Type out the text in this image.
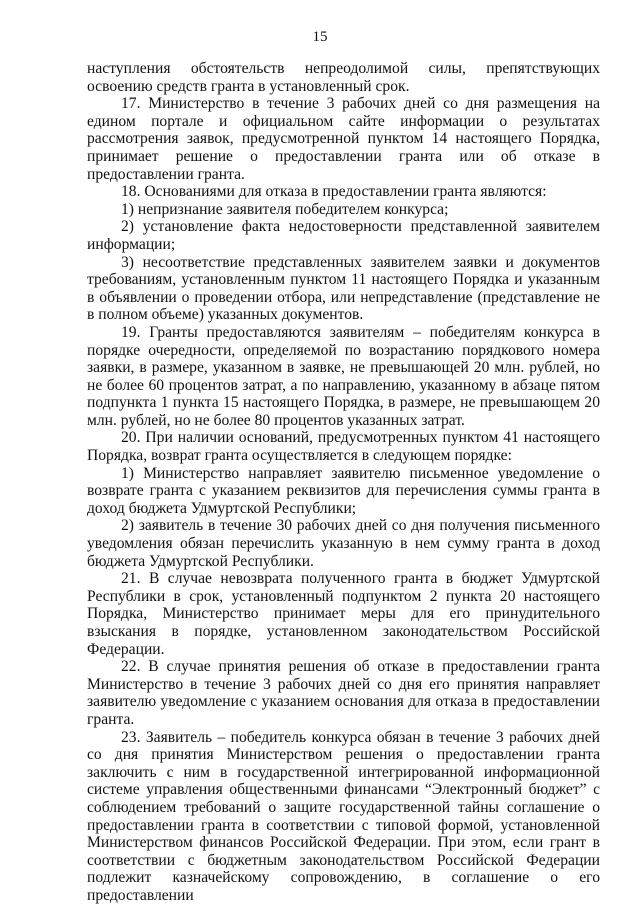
15

наступления обстоятельств непреодолимой силы, препятствующих освоению средств гранта в установленный срок.

17. Министерство в течение 3 рабочих дней со дня размещения на едином портале и официальном сайте информации о результатах рассмотрения заявок, предусмотренной пунктом 14 настоящего Порядка, принимает решение о предоставлении гранта или об отказе в предоставлении гранта.

18. Основаниями для отказа в предоставлении гранта являются:

1) непризнание заявителя победителем конкурса;

2) установление факта недостоверности представленной заявителем информации;

3) несоответствие представленных заявителем заявки и документов требованиям, установленным пунктом 11 настоящего Порядка и указанным в объявлении о проведении отбора, или непредставление (представление не в полном объеме) указанных документов.

19. Гранты предоставляются заявителям – победителям конкурса в порядке очередности, определяемой по возрастанию порядкового номера заявки, в размере, указанном в заявке, не превышающей 20 млн. рублей, но не более 60 процентов затрат, а по направлению, указанному в абзаце пятом подпункта 1 пункта 15 настоящего Порядка, в размере, не превышающем 20 млн. рублей, но не более 80 процентов указанных затрат.

20. При наличии оснований, предусмотренных пунктом 41 настоящего Порядка, возврат гранта осуществляется в следующем порядке:

1) Министерство направляет заявителю письменное уведомление о возврате гранта с указанием реквизитов для перечисления суммы гранта в доход бюджета Удмуртской Республики;

2) заявитель в течение 30 рабочих дней со дня получения письменного уведомления обязан перечислить указанную в нем сумму гранта в доход бюджета Удмуртской Республики.

21. В случае невозврата полученного гранта в бюджет Удмуртской Республики в срок, установленный подпунктом 2 пункта 20 настоящего Порядка, Министерство принимает меры для его принудительного взыскания в порядке, установленном законодательством Российской Федерации.

22. В случае принятия решения об отказе в предоставлении гранта Министерство в течение 3 рабочих дней со дня его принятия направляет заявителю уведомление с указанием основания для отказа в предоставлении гранта.

23. Заявитель – победитель конкурса обязан в течение 3 рабочих дней со дня принятия Министерством решения о предоставлении гранта заключить с ним в государственной интегрированной информационной системе управления общественными финансами “Электронный бюджет” с соблюдением требований о защите государственной тайны соглашение о предоставлении гранта в соответствии с типовой формой, установленной Министерством финансов Российской Федерации. При этом, если грант в соответствии с бюджетным законодательством Российской Федерации подлежит казначейскому сопровождению, в соглашение о его предоставлении
